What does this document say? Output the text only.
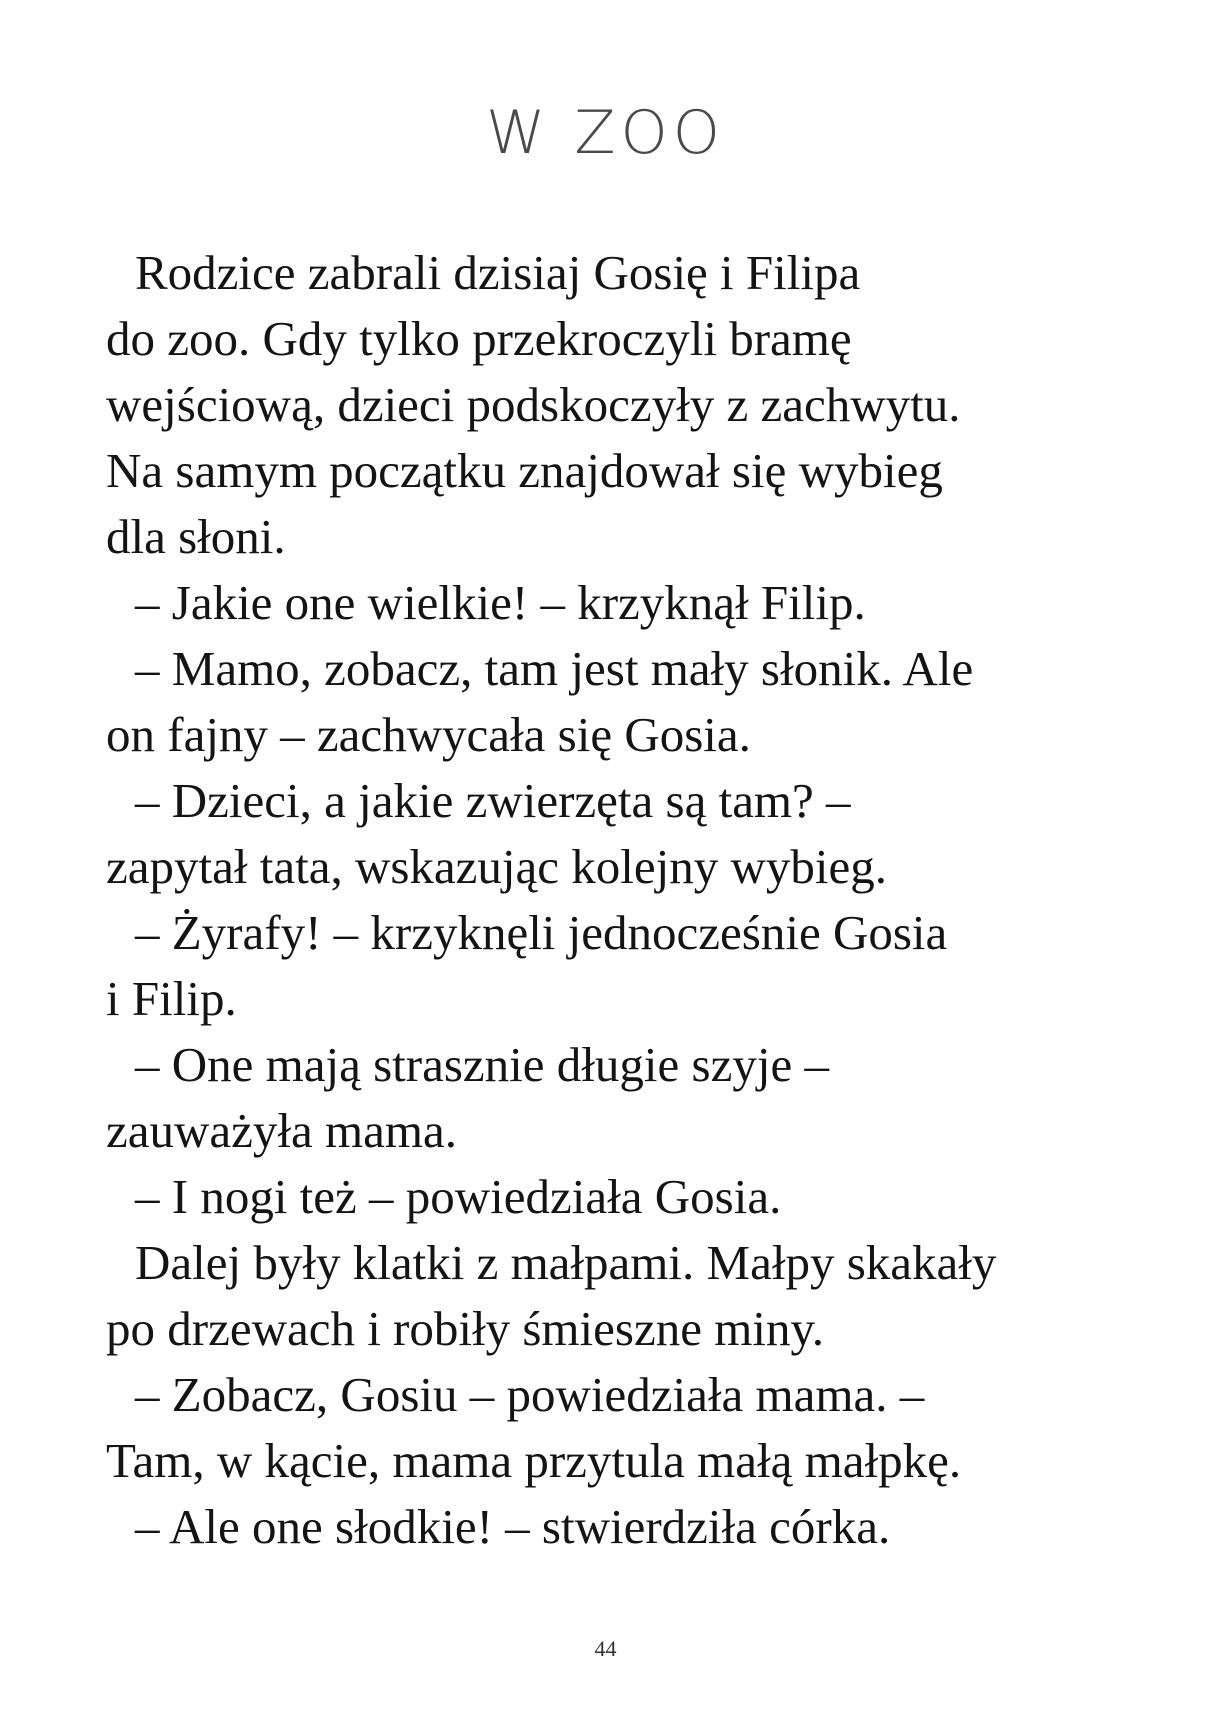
W ZOO
Rodzice zabrali dzisiaj Gosię i Filipa
do zoo. Gdy tylko przekroczyli bramę
wejściową, dzieci podskoczyły z zachwytu.
Na samym początku znajdował się wybieg
dla słoni.
– Jakie one wielkie! – krzyknął Filip.
– Mamo, zobacz, tam jest mały słonik. Ale
on fajny – zachwycała się Gosia.
– Dzieci, a jakie zwierzęta są tam? –
zapytał tata, wskazując kolejny wybieg.
– Żyrafy! – krzyknęli jednocześnie Gosia
i Filip.
– One mają strasznie długie szyje –
zauważyła mama.
– I nogi też – powiedziała Gosia.
Dalej były klatki z małpami. Małpy skakały
po drzewach i robiły śmieszne miny.
– Zobacz, Gosiu – powiedziała mama. –
Tam, w kącie, mama przytula małą małpkę.
– Ale one słodkie! – stwierdziła córka.
44
